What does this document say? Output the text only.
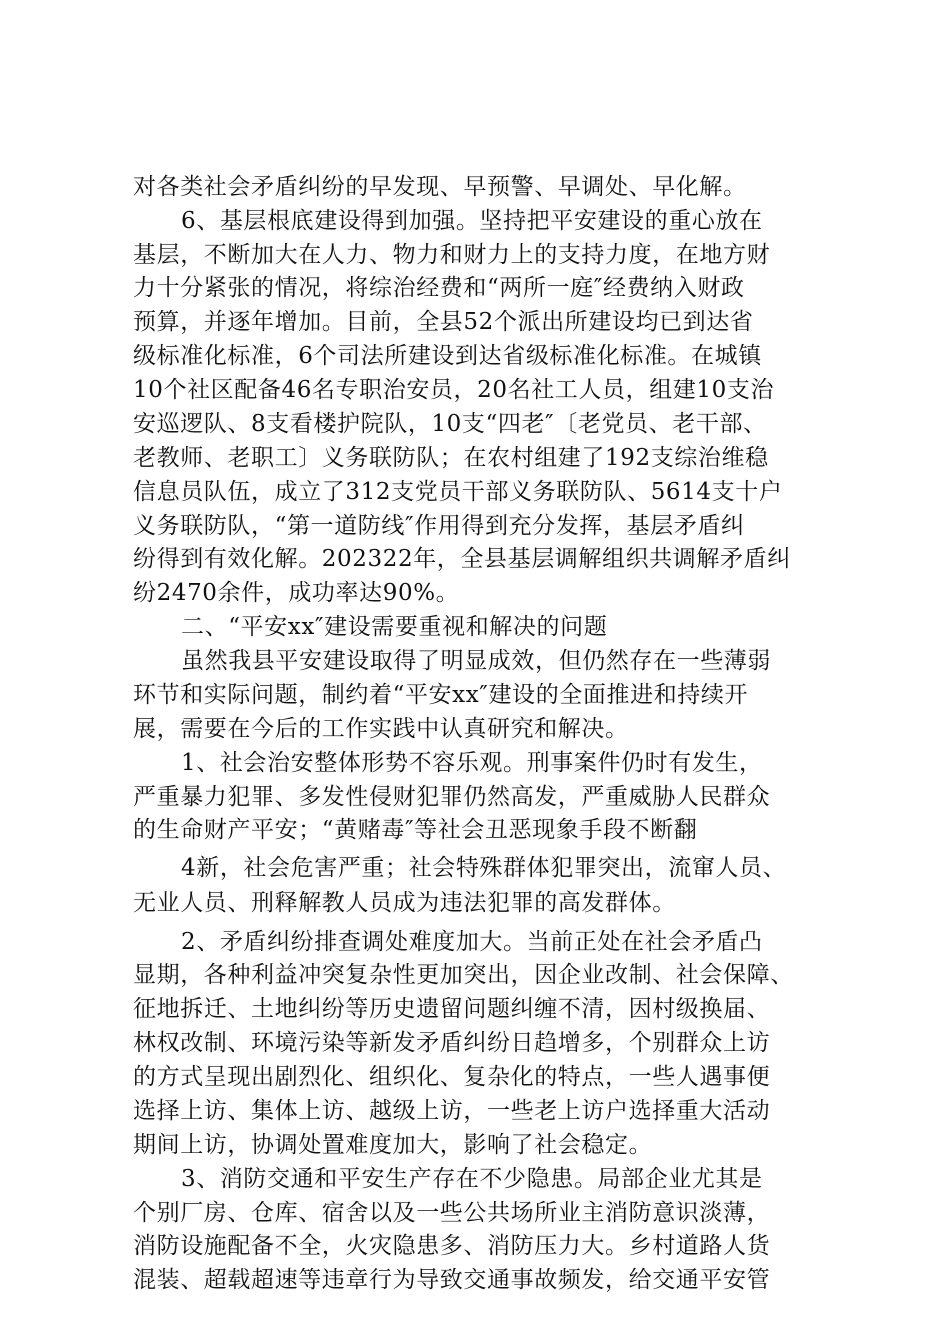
对各类社会矛盾纠纷的早发现、早预警、早调处、早化解。
6、基层根底建设得到加强。坚持把平安建设的重心放在
基层，不断加大在人力、物力和财力上的支持力度，在地方财
力十分紧张的情况，将综治经费和“两所一庭″经费纳入财政
预算，并逐年增加。目前，全县52个派出所建设均已到达省
级标准化标准，6个司法所建设到达省级标准化标准。在城镇
10个社区配备46名专职治安员，20名社工人员，组建10支治
安巡逻队、8支看楼护院队，10支“四老″〔老党员、老干部、
老教师、老职工〕义务联防队；在农村组建了192支综治维稳
信息员队伍，成立了312支党员干部义务联防队、5614支十户
义务联防队，“第一道防线″作用得到充分发挥，基层矛盾纠
纷得到有效化解。202322年，全县基层调解组织共调解矛盾纠
纷2470余件，成功率达90%。
二、“平安xx″建设需要重视和解决的问题
虽然我县平安建设取得了明显成效，但仍然存在一些薄弱
环节和实际问题，制约着“平安xx″建设的全面推进和持续开
展，需要在今后的工作实践中认真研究和解决。
1、社会治安整体形势不容乐观。刑事案件仍时有发生，
严重暴力犯罪、多发性侵财犯罪仍然高发，严重威胁人民群众
的生命财产平安；“黄赌毒″等社会丑恶现象手段不断翻
4新，社会危害严重；社会特殊群体犯罪突出，流窜人员、
无业人员、刑释解教人员成为违法犯罪的高发群体。
2、矛盾纠纷排查调处难度加大。当前正处在社会矛盾凸
显期，各种利益冲突复杂性更加突出，因企业改制、社会保障、
征地拆迁、土地纠纷等历史遗留问题纠缠不清，因村级换届、
林权改制、环境污染等新发矛盾纠纷日趋增多，个别群众上访
的方式呈现出剧烈化、组织化、复杂化的特点，一些人遇事便
选择上访、集体上访、越级上访，一些老上访户选择重大活动
期间上访，协调处置难度加大，影响了社会稳定。
3、消防交通和平安生产存在不少隐患。局部企业尤其是
个别厂房、仓库、宿舍以及一些公共场所业主消防意识淡薄，
消防设施配备不全，火灾隐患多、消防压力大。乡村道路人货
混装、超载超速等违章行为导致交通事故频发，给交通平安管
